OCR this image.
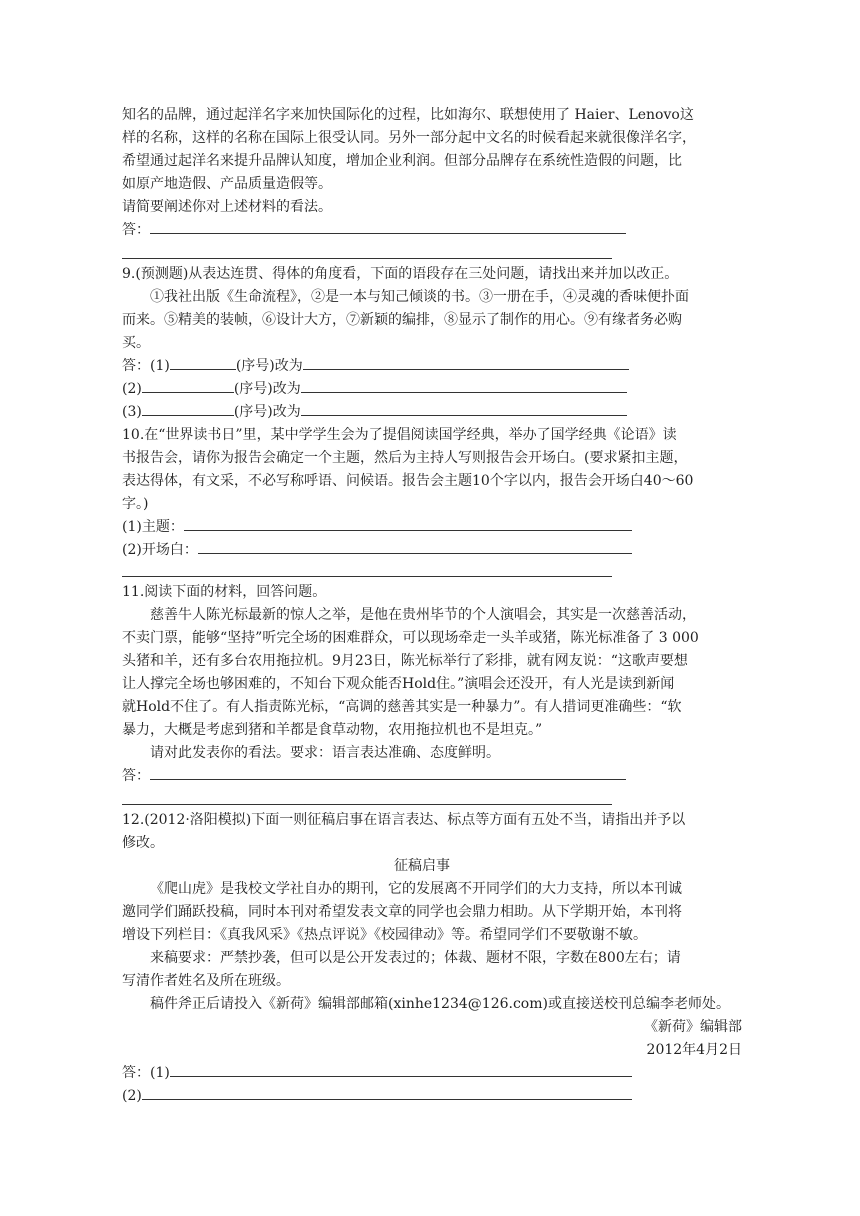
知名的品牌，通过起洋名字来加快国际化的过程，比如海尔、联想使用了 Haier、Lenovo这

样的名称，这样的名称在国际上很受认同。另外一部分起中文名的时候看起来就很像洋名字，

希望通过起洋名来提升品牌认知度，增加企业利润。但部分品牌存在系统性造假的问题，比

如原产地造假、产品质量造假等。

请简要阐述你对上述材料的看法。

答：

9.(预测题)从表达连贯、得体的角度看，下面的语段存在三处问题，请找出来并加以改正。

①我社出版《生命流程》，②是一本与知己倾谈的书。③一册在手，④灵魂的香味便扑面

而来。⑤精美的装帧，⑥设计大方，⑦新颖的编排，⑧显示了制作的用心。⑨有缘者务必购

买。

答：(1)	(序号)改为

(2)	(序号)改为

(3)	(序号)改为

10.在“世界读书日”里，某中学学生会为了提倡阅读国学经典，举办了国学经典《论语》读

书报告会，请你为报告会确定一个主题，然后为主持人写则报告会开场白。(要求紧扣主题，

表达得体，有文采，不必写称呼语、问候语。报告会主题10个字以内，报告会开场白40～60

字。)

(1)主题：

(2)开场白：

11.阅读下面的材料，回答问题。

慈善牛人陈光标最新的惊人之举，是他在贵州毕节的个人演唱会，其实是一次慈善活动，

不卖门票，能够“坚持”听完全场的困难群众，可以现场牵走一头羊或猪，陈光标准备了 3 000

头猪和羊，还有多台农用拖拉机。9月23日，陈光标举行了彩排，就有网友说：“这歌声要想

让人撑完全场也够困难的，不知台下观众能否Hold住。”演唱会还没开，有人光是读到新闻

就Hold不住了。有人指责陈光标，“高调的慈善其实是一种暴力”。有人措词更准确些：“软

暴力，大概是考虑到猪和羊都是食草动物，农用拖拉机也不是坦克。”

请对此发表你的看法。要求：语言表达准确、态度鲜明。

答：

12.(2012·洛阳模拟)下面一则征稿启事在语言表达、标点等方面有五处不当，请指出并予以

修改。

征稿启事

《爬山虎》是我校文学社自办的期刊，它的发展离不开同学们的大力支持，所以本刊诚

邀同学们踊跃投稿，同时本刊对希望发表文章的同学也会鼎力相助。从下学期开始，本刊将

增设下列栏目：《真我风采》《热点评说》《校园律动》等。希望同学们不要敬谢不敏。

来稿要求：严禁抄袭，但可以是公开发表过的；体裁、题材不限，字数在800左右；请

写清作者姓名及所在班级。

稿件斧正后请投入《新荷》编辑部邮箱(xinhe1234@126.com)或直接送校刊总编李老师处。

《新荷》编辑部

2012年4月2日

答：(1)

(2)
